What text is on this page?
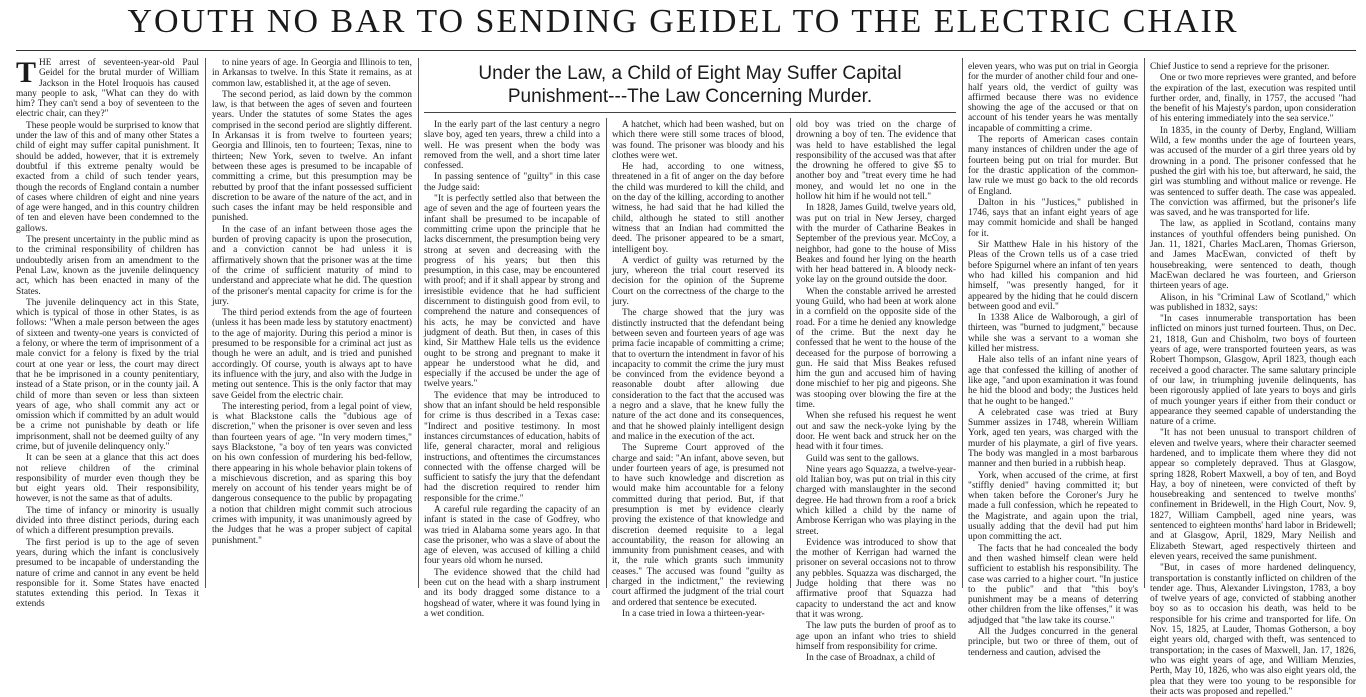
YOUTH NO BAR TO SENDING GEIDEL TO THE ELECTRIC CHAIR
T HE arrest of seventeen-year-old Paul Geidel for the brutal murder of William Jackson in the Hotel Iroquois has caused many people to ask, "What can they do with him? They can't send a boy of seventeen to the electric chair, can they?"

These people would be surprised to know that under the law of this and of many other States a child of eight may suffer capital punishment. It should be added, however, that it is extremely doubtful if this extreme penalty would be exacted from a child of such tender years, though the records of England contain a number of cases where children of eight and nine years of age were hanged, and in this country children of ten and eleven have been condemned to the gallows.

The present uncertainty in the public mind as to the criminal responsibility of children has undoubtedly arisen from an amendment to the Penal Law, known as the juvenile delinquency act, which has been enacted in many of the States.

The juvenile delinquency act in this State, which is typical of those in other States, is as follows: "When a male person between the ages of sixteen and twenty-one years is convicted of a felony, or where the term of imprisonment of a male convict for a felony is fixed by the trial court at one year or less, the court may direct that he be imprisoned in a county penitentiary, instead of a State prison, or in the county jail. A child of more than seven or less than sixteen years of age, who shall commit any act or omission which if committed by an adult would be a crime not punishable by death or life imprisonment, shall not be deemed guilty of any crime, but of juvenile delinquency only."

It can be seen at a glance that this act does not relieve children of the criminal responsibility of murder even though they be but eight years old. Their responsibility, however, is not the same as that of adults.

The time of infancy or minority is usually divided into three distinct periods, during each of which a different presumption prevails.

The first period is up to the age of seven years, during which the infant is conclusively presumed to be incapable of understanding the nature of crime and cannot in any event be held responsible for it. Some States have enacted statutes extending this period. In Texas it extends

to nine years of age. In Georgia and Illinois to ten, in Arkansas to twelve. In this State it remains, as at common law, established it, at the age of seven.

The second period, as laid down by the common law, is that between the ages of seven and fourteen years. Under the statutes of some States the ages comprised in the second period are slightly different. In Arkansas it is from twelve to fourteen years; Georgia and Illinois, ten to fourteen; Texas, nine to thirteen; New York, seven to twelve. An infant between these ages is presumed to be incapable of committing a crime, but this presumption may be rebutted by proof that the infant possessed sufficient discretion to be aware of the nature of the act, and in such cases the infant may be held responsible and punished.

In the case of an infant between those ages the burden of proving capacity is upon the prosecution, and a conviction cannot be had unless it is affirmatively shown that the prisoner was at the time of the crime of sufficient maturity of mind to understand and appreciate what he did. The question of the prisoner's mental capacity for crime is for the jury.

The third period extends from the age of fourteen (unless it has been made less by statutory enactment) to the age of majority. During this period a minor is presumed to be responsible for a criminal act just as though he were an adult, and is tried and punished accordingly. Of course, youth is always apt to have its influence with the jury, and also with the Judge in meting out sentence. This is the only factor that may save Geidel from the electric chair.

The interesting period, from a legal point of view, is what Blackstone calls the "dubious age of discretion," when the prisoner is over seven and less than fourteen years of age. "In very modern times," says Blackstone, "a boy of ten years was convicted on his own confession of murdering his bed-fellow, there appearing in his whole behavior plain tokens of a mischievous discretion, and as sparing this boy merely on account of his tender years might be of dangerous consequence to the public by propagating a notion that children might commit such atrocious crimes with impunity, it was unanimously agreed by the Judges that he was a proper subject of capital punishment."

Under the Law, a Child of Eight May Suffer Capital Punishment---The Law Concerning Murder.

In the early part of the last century a negro slave boy, aged ten years, threw a child into a well. He was present when the body was removed from the well, and a short time later confessed.

In passing sentence of "guilty" in this case the Judge said:

"It is perfectly settled also that between the age of seven and the age of fourteen years the infant shall be presumed to be incapable of committing crime upon the principle that he lacks discernment, the presumption being very strong at seven and decreasing with the progress of his years; but then this presumption, in this case, may be encountered with proof; and if it shall appear by strong and irresistible evidence that he had sufficient discernment to distinguish good from evil, to comprehend the nature and consequences of his acts, he may be convicted and have judgment of death. But then, in cases of this kind, Sir Matthew Hale tells us the evidence ought to be strong and pregnant to make it appear he understood what he did, and especially if the accused be under the age of twelve years."

The evidence that may be introduced to show that an infant should be held responsible for crime is thus described in a Texas case: "Indirect and positive testimony. In most instances circumstances of education, habits of life, general character, moral and religious instructions, and oftentimes the circumstances connected with the offense charged will be sufficient to satisfy the jury that the defendant had the discretion required to render him responsible for the crime."

A careful rule regarding the capacity of an infant is stated in the case of Godfrey, who was tried in Alabama some years ago. In that case the prisoner, who was a slave of about the age of eleven, was accused of killing a child four years old whom he nursed.

The evidence showed that the child had been cut on the head with a sharp instrument and its body dragged some distance to a hogshead of water, where it was found lying in a wet condition.

A hatchet, which had been washed, but on which there were still some traces of blood, was found. The prisoner was bloody and his clothes were wet.

He had, according to one witness, threatened in a fit of anger on the day before the child was murdered to kill the child, and on the day of the killing, according to another witness, he had said that he had killed the child, although he stated to still another witness that an Indian had committed the deed. The prisoner appeared to be a smart, intelligent boy.

A verdict of guilty was returned by the jury, whereon the trial court reserved its decision for the opinion of the Supreme Court on the correctness of the charge to the jury.

The charge showed that the jury was distinctly instructed that the defendant being between seven and fourteen years of age was prima facie incapable of committing a crime; that to overturn the intendment in favor of his incapacity to commit the crime the jury must be convinced from the evidence beyond a reasonable doubt after allowing due consideration to the fact that the accused was a negro and a slave, that he knew fully the nature of the act done and its consequences, and that he showed plainly intelligent design and malice in the execution of the act.

The Supreme Court approved of the charge and said: "An infant, above seven, but under fourteen years of age, is presumed not to have such knowledge and discretion as would make him accountable for a felony committed during that period. But, if that presumption is met by evidence clearly proving the existence of that knowledge and discretion deemed requisite to a legal accountability, the reason for allowing an immunity from punishment ceases, and with it, the rule which grants such immunity ceases." The accused was found "guilty as charged in the indictment," the reviewing court affirmed the judgment of the trial court and ordered that sentence be executed.

In a case tried in Iowa a thirteen-year-

old boy was tried on the charge of drowning a boy of ten. The evidence that was held to have established the legal responsibility of the accused was that after the drowning he offered to give $5 to another boy and "treat every time he had money, and would let no one in the hollow hit him if he would not tell."

In 1828, James Guild, twelve years old, was put on trial in New Jersey, charged with the murder of Catharine Beakes in September of the previous year. McCoy, a neighbor, had gone to the house of Miss Beakes and found her lying on the hearth with her head battered in. A bloody neck-yoke lay on the ground outside the door.

When the constable arrived he arrested young Guild, who had been at work alone in a cornfield on the opposite side of the road. For a time he denied any knowledge of the crime. But the next day he confessed that he went to the house of the deceased for the purpose of borrowing a gun. He said that Miss Beakes refused him the gun and accused him of having done mischief to her pig and pigeons. She was stooping over blowing the fire at the time.

When she refused his request he went out and saw the neck-yoke lying by the door. He went back and struck her on the head with it four times.

Guild was sent to the gallows.

Nine years ago Squazza, a twelve-year-old Italian boy, was put on trial in this city charged with manslaughter in the second degree. He had thrown from a roof a brick which killed a child by the name of Ambrose Kerrigan who was playing in the street.

Evidence was introduced to show that the mother of Kerrigan had warned the prisoner on several occasions not to throw any pebbles. Squazza was discharged, the Judge holding that there was no affirmative proof that Squazza had capacity to understand the act and know that it was wrong.

The law puts the burden of proof as to age upon an infant who tries to shield himself from responsibility for crime.

In the case of Broadnax, a child of

eleven years, who was put on trial in Georgia for the murder of another child four and one-half years old, the verdict of guilty was affirmed because there was no evidence showing the age of the accused or that on account of his tender years he was mentally incapable of committing a crime.

The reports of American cases contain many instances of children under the age of fourteen being put on trial for murder. But for the drastic application of the common-law rule we must go back to the old records of England.

Dalton in his "Justices," published in 1746, says that an infant eight years of age may commit homicide and shall be hanged for it.

Sir Matthew Hale in his history of the Pleas of the Crown tells us of a case tried before Spigurnel where an infant of ten years who had killed his companion and hid himself, "was presently hanged, for it appeared by the hiding that he could discern between good and evil."

In 1338 Alice de Walborough, a girl of thirteen, was "burned to judgment," because while she was a servant to a woman she killed her mistress.

Hale also tells of an infant nine years of age that confessed the killing of another of like age, "and upon examination it was found he hid the blood and body; the Justices held that he ought to be hanged."

A celebrated case was tried at Bury Summer assizes in 1748, wherein William York, aged ten years, was charged with the murder of his playmate, a girl of five years. The body was mangled in a most barbarous manner and then buried in a rubbish heap.

York, when accused of the crime, at first "stiffly denied" having committed it; but when taken before the Coroner's Jury he made a full confession, which he repeated to the Magistrate, and again upon the trial, usually adding that the devil had put him upon committing the act.

The facts that he had concealed the body and then washed himself clean were held sufficient to establish his responsibility. The case was carried to a higher court. "In justice to the public" and that "this boy's punishment may be a means of deterring other children from the like offenses," it was adjudged that "the law take its course."

All the Judges concurred in the general principle, but two or three of them, out of tenderness and caution, advised the

Chief Justice to send a reprieve for the prisoner.

One or two more reprieves were granted, and before the expiration of the last, execution was respited until further order, and, finally, in 1757, the accused "had the benefit of his Majesty's pardon, upon consideration of his entering immediately into the sea service."

In 1835, in the county of Derby, England, William Wild, a few months under the age of fourteen years, was accused of the murder of a girl three years old by drowning in a pond. The prisoner confessed that he pushed the girl with his toe, but afterward, he said, the girl was stumbling and without malice or revenge. He was sentenced to suffer death. The case was appealed. The conviction was affirmed, but the prisoner's life was saved, and he was transported for life.

The law, as applied in Scotland, contains many instances of youthful offenders being punished. On Jan. 11, 1821, Charles MacLaren, Thomas Grierson, and James MacEwan, convicted of theft by housebreaking, were sentenced to death, though MacEwan declared he was fourteen, and Grierson thirteen years of age.

Alison, in his "Criminal Law of Scotland," which was published in 1832, says:

"In cases innumerable transportation has been inflicted on minors just turned fourteen. Thus, on Dec. 21, 1818, Gun and Chisholm, two boys of fourteen years of age, were transported fourteen years, as was Robert Thompson, Glasgow, April 1823, though each received a good character. The same salutary principle of our law, in triumphing juvenile delinquents, has been rigorously applied of late years to boys and girls of much younger years if either from their conduct or appearance they seemed capable of understanding the nature of a crime.

"It has not been unusual to transport children of eleven and twelve years, where their character seemed hardened, and to implicate them where they did not appear so completely depraved. Thus at Glasgow, spring 1828, Robert Maxwell, a boy of ten, and Boyd Hay, a boy of nineteen, were convicted of theft by housebreaking and sentenced to twelve months' confinement in Bridewell, in the High Court, Nov. 9, 1827, William Campbell, aged nine years, was sentenced to eighteen months' hard labor in Bridewell; and at Glasgow, April, 1829, Mary Neilish and Elizabeth Stewart, aged respectively thirteen and eleven years, received the same punishment.

"But, in cases of more hardened delinquency, transportation is constantly inflicted on children of the tender age. Thus, Alexander Livingston, 1783, a boy of twelve years of age, convicted of stabbing another boy so as to occasion his death, was held to be responsible for his crime and transported for life. On Nov. 15, 1825, at Lauder, Thomas Gotherson, a boy eight years old, charged with theft, was sentenced to transportation; in the cases of Maxwell, Jan. 17, 1826, who was eight years of age, and William Menzies, Perth, May 10, 1826, who was also eight years old, the plea that they were too young to be responsible for their acts was proposed and repelled."
